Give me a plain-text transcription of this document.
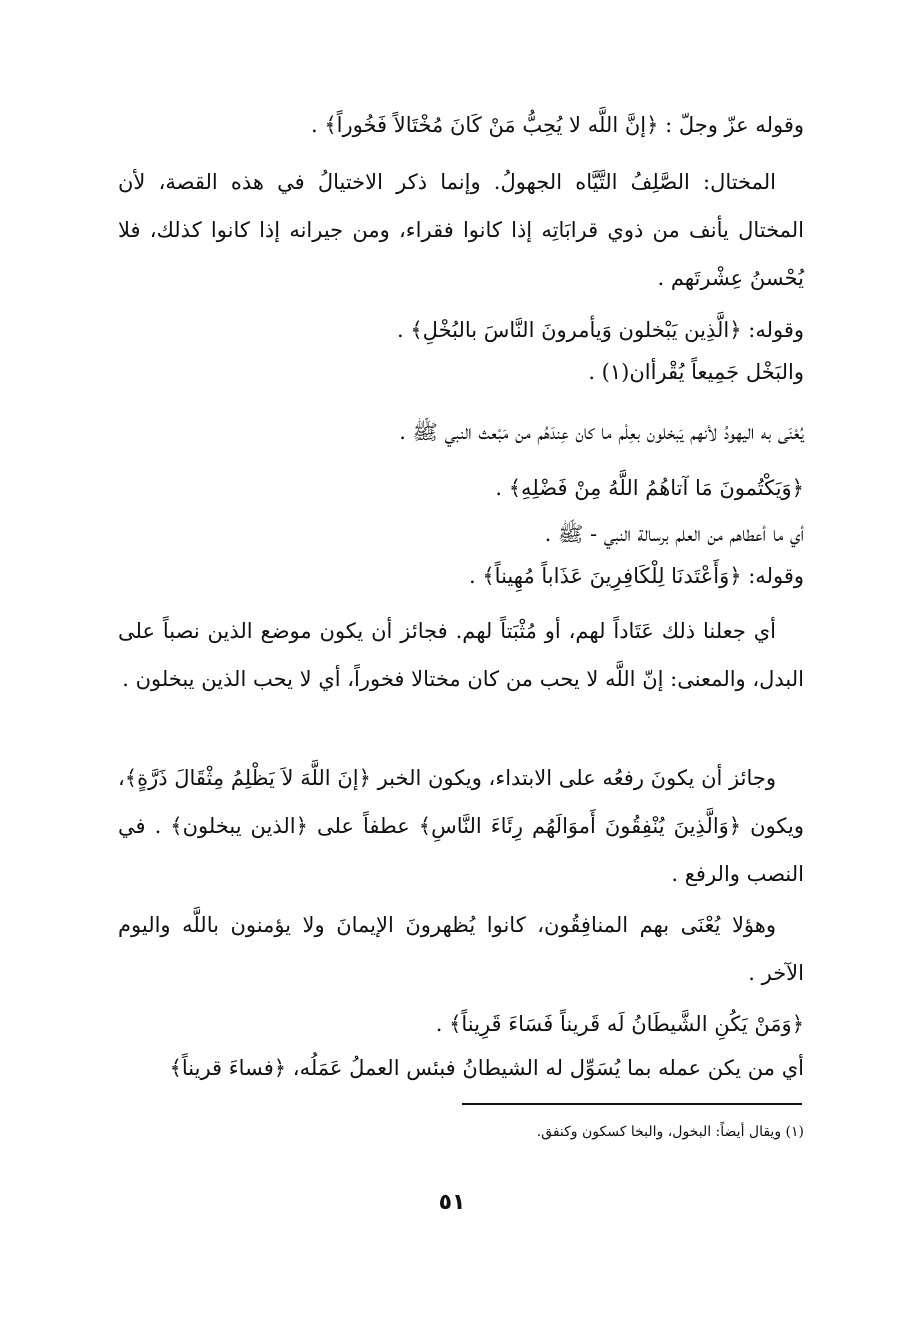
وقوله عزّ وجلّ : ﴿إنَّ اللَّه لا يُحِبُّ مَنْ كَانَ مُخْتَالاً فَخُوراً﴾ .

المختال: الصَّلِفُ التَّيَّاه الجهولُ. وإنما ذكر الاختيالُ في هذه القصة، لأن المختال يأنف من ذوي قرابَاتِه إذا كانوا فقراء، ومن جيرانه إذا كانوا كذلك، فلا يُحْسنُ عِشْرتَهم .

وقوله: ﴿الَّذِين يَبْخلون وَيأمرونَ النَّاسَ بالبُخْلِ﴾ .

والبَخْل جَمِيعاً يُقْرأان(١) .

يُعْنَى به اليهودُ لأنهم يَبخلون بعِلْم ما كان عِندَهُم من مَبْعث النبي ﷺ .

﴿وَيَكْتُمونَ مَا آتاهُمُ اللَّهُ مِنْ فَضْلِهِ﴾ .

أي ما أعطاهم من العلم برسالة النبي - ﷺ .

وقوله: ﴿وَأَعْتَدنَا لِلْكَافِرِينَ عَذَاباً مُهِيناً﴾ .

أي جعلنا ذلك عَتَاداً لهم، أو مُثْبَتاً لهم. فجائز أن يكون موضع الذين نصباً على البدل، والمعنى: إنّ اللَّه لا يحب من كان مختالا فخوراً، أي لا يحب الذين يبخلون .

وجائز أن يكونَ رفعُه على الابتداء، ويكون الخبر ﴿إنَ اللَّهَ لاَ يَظْلِمُ مِثْقَالَ ذَرَّةٍ﴾، ويكون ﴿وَالَّذِينَ يُنْفِقُونَ أَموَالَهُم رِئَاءَ النَّاسِ﴾ عطفاً على ﴿الذين يبخلون﴾ . في النصب والرفع .

وهؤلا يُعْنَى بهم المنافِقُون، كانوا يُظهرونَ الإيمانَ ولا يؤمنون باللَّه واليوم الآخر .

﴿وَمَنْ يَكُنِ الشَّيطَانُ لَه قَريناً فَسَاءَ قَرِيناً﴾ .

أي من يكن عمله بما يُسَوِّل له الشيطانُ فبئس العملُ عَمَلُه، ﴿فساءَ قريناً﴾

(١) ويقال أيضاً: البخول، والبخا كسكون وكنفق.

٥١
